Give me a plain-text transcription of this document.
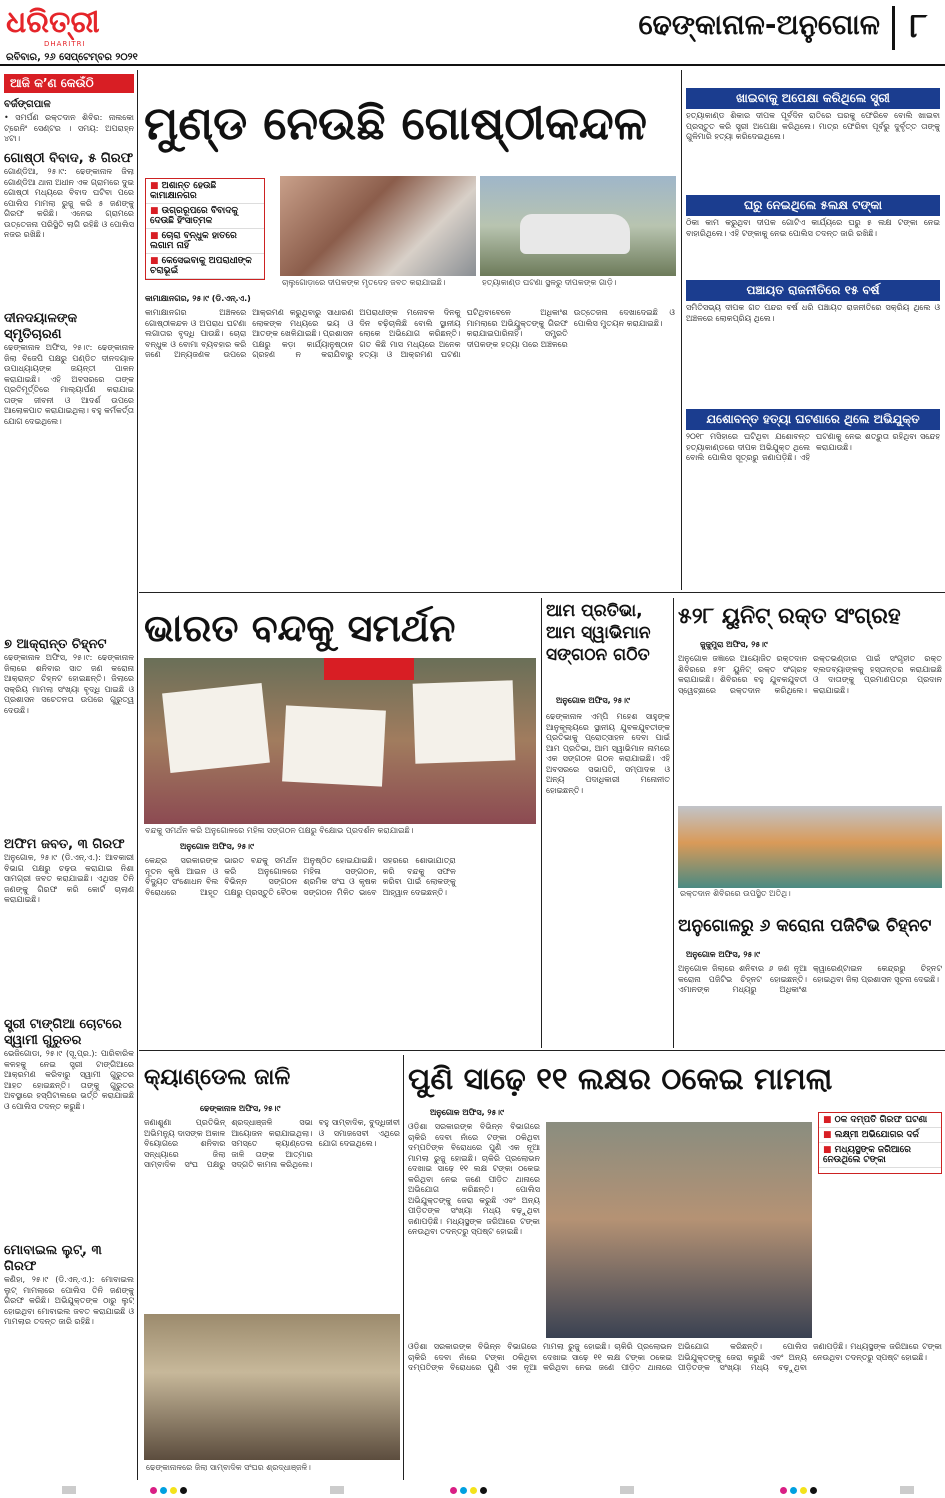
ଧରିତ୍ରୀ
DHARITRI
ରବିବାର, ୨୬ ସେପ୍ଟେମ୍ବର ୨୦୨୧
ଢେଙ୍କାନାଳ-ଅନୁଗୋଳ ୮
ଆଜି କ’ଣ କେଉଁଠି
ବର୍ଜଙ୍ଗପାଳ
• ସମର୍ପଣ ରକ୍ତଦାନ ଶିବିର: ନାଲକୋ ଟ୍ରେନିଂ ସେଣ୍ଟର । ସମୟ: ଅପରାହ୍ନ ୪ଟା।
ଗୋଷ୍ଠୀ ବିବାଦ, ୫ ଗିରଫ
ଗୋଣ୍ଡିଆ, ୨୫।୯: ଢେଙ୍କାନାଳ ଜିଲା ଗୋଣ୍ଡିଆ ଥାନା ଅଧୀନ ଏକ ଗ୍ରାମରେ ଦୁଇ ଗୋଷ୍ଠୀ ମଧ୍ୟରେ ବିବାଦ ଘଟିବା ପରେ ପୋଲିସ ମାମଲା ରୁଜୁ କରି ୫ ଜଣଙ୍କୁ ଗିରଫ କରିଛି। ଏନେଇ ଗ୍ରାମରେ ଉତ୍ତେଜନା ପରିସ୍ଥିତି ଲାଗି ରହିଛି ଓ ପୋଲିସ ନଜର ରଖିଛି।
ଦୀନଦୟାଳଙ୍କ ସ୍ମୃତିଚାରଣ
ଢେଙ୍କାନାଳ ଅଫିସ, ୨୫।୯: ଢେଙ୍କାନାଳ ଜିଲା ବିଜେପି ପକ୍ଷରୁ ପଣ୍ଡିତ ଦୀନଦୟାଳ ଉପାଧ୍ୟାୟଙ୍କ ଜୟନ୍ତୀ ପାଳନ କରାଯାଇଛି। ଏହି ଅବସରରେ ତାଙ୍କ ପ୍ରତିମୂର୍ତ୍ତିରେ ମାଲ୍ୟାର୍ପଣ କରାଯାଇ ତାଙ୍କ ଜୀବନୀ ଓ ଆଦର୍ଶ ଉପରେ ଆଲୋକପାତ କରାଯାଇଥିଲା। ବହୁ କର୍ମକର୍ତ୍ତା ଯୋଗ ଦେଇଥିଲେ।
୭ ଆକ୍ରାନ୍ତ ଚିହ୍ନଟ
ଢେଙ୍କାନାଳ ଅଫିସ, ୨୫।୯: ଢେଙ୍କାନାଳ ଜିଲାରେ ଶନିବାର ସାତ ଜଣ କରୋନା ଆକ୍ରାନ୍ତ ଚିହ୍ନଟ ହୋଇଛନ୍ତି। ଜିଲାରେ ସକ୍ରିୟ ମାମଲା ସଂଖ୍ୟା ବୃଦ୍ଧି ପାଇଛି ଓ ପ୍ରଶାସନ ସଚେତନତା ଉପରେ ଗୁରୁତ୍ୱ ଦେଉଛି।
ଅଫିମ ଜବତ, ୩ ଗିରଫ
ଅନୁଗୋଳ, ୨୫।୯ (ଡି.ଏନ୍.ଏ.): ଆବକାରୀ ବିଭାଗ ପକ୍ଷରୁ ଚଢ଼ଉ କରାଯାଇ ନିଶା ସାମଗ୍ରୀ ଜବତ କରାଯାଇଛି। ଏଥିସହ ତିନି ଜଣଙ୍କୁ ଗିରଫ କରି କୋର୍ଟ ଚାଲାଣ କରାଯାଇଛି।
ସ୍ତ୍ରୀ ଟାଙ୍ଗିଆ ଚୋଟରେ ସ୍ୱାମୀ ଗୁରୁତର
ଭେଜିଗୋଡା, ୨୫।୯ (ସୂ.ପ୍ର.): ପାରିବାରିକ କଳହକୁ ନେଇ ସ୍ତ୍ରୀ ଟାଙ୍ଗିଆରେ ଆକ୍ରମଣ କରିବାରୁ ସ୍ୱାମୀ ଗୁରୁତର ଆହତ ହୋଇଛନ୍ତି। ତାଙ୍କୁ ଗୁରୁତର ଅବସ୍ଥାରେ ହସ୍ପିଟାଲରେ ଭର୍ତ୍ତି କରାଯାଇଛି ଓ ପୋଲିସ ତଦନ୍ତ କରୁଛି।
ମୋବାଇଲ ଲୁଟ୍, ୩ ଗିରଫ
କଣିହା, ୨୫।୯ (ଡି.ଏନ୍.ଏ.): ମୋବାଇଲ ଲୁଟ୍ ମାମଲାରେ ପୋଲିସ ତିନି ଜଣଙ୍କୁ ଗିରଫ କରିଛି। ଅଭିଯୁକ୍ତଙ୍କ ଠାରୁ ଲୁଟ୍ ହୋଇଥିବା ମୋବାଇଲ ଜବତ କରାଯାଇଛି ଓ ମାମଲାର ତଦନ୍ତ ଜାରି ରହିଛି।
ମୁଣ୍ଡ ନେଉଛି ଗୋଷ୍ଠୀକନ୍ଦଳ
■ ଅଶାନ୍ତ ହେଉଛି କାମାକ୍ଷାନଗର
■ ଉଗ୍ରରୂପରେ ବିବାଦକୁ ଦେଉଛି ହିଂସାତ୍ମକ
■ ଚୋରା ବନ୍ଧୁକ ହାତରେ ଲଗାମ ନାହିଁ
■ କେସେଇବାକୁ ଅପରାଧୀଙ୍କ ଚରାଭୂଇଁ
ଚାଲୁଗୋଡ଼ାରେ ଦୀପକଙ୍କ ମୃତଦେହ ଜବତ କରାଯାଇଛି।	ହତ୍ୟାକାଣ୍ଡ ଘଟଣା ସ୍ଥଳରୁ ଦୀପକଙ୍କ ଗାଡ଼ି।
କାମାକ୍ଷାନଗର, ୨୫।୯ (ଡି.ଏନ୍.ଏ.)
କାମାକ୍ଷାନଗର ଅଞ୍ଚଳରେ ଗୋଷ୍ଠୀକନ୍ଦଳ ଓ ଅପରାଧ ଘଟଣା ଲଗାତାର ବୃଦ୍ଧି ପାଉଛି। ଚୋରା ବନ୍ଧୁକ ଓ ବୋମା ବ୍ୟବହାର କରି ଜଣେ ଅନ୍ୟଜଣକ ଉପରେ ଆକ୍ରମଣ କରୁଥିବାରୁ ସାଧାରଣ ଲୋକଙ୍କ ମଧ୍ୟରେ ଭୟ ଓ ଆତଙ୍କ ଖେଳିଯାଇଛି। ପ୍ରଶାସନ ପକ୍ଷରୁ କଡ଼ା କାର୍ଯ୍ୟାନୁଷ୍ଠାନ ଗ୍ରହଣ ନ କରାଯିବାରୁ ଅପରାଧୀଙ୍କ ମନୋବଳ ଦିନକୁ ଦିନ ବଢ଼ିଚାଲିଛି ବୋଲି ସ୍ଥାନୀୟ ଲୋକେ ଅଭିଯୋଗ କରିଛନ୍ତି। ଗତ କିଛି ମାସ ମଧ୍ୟରେ ଅନେକ ହତ୍ୟା ଓ ଆକ୍ରମଣ ଘଟଣା ଘଟିଥିବାବେଳେ ଅଧିକାଂଶ ମାମଲାରେ ଅଭିଯୁକ୍ତଙ୍କୁ ଗିରଫ କରାଯାଇପାରିନାହିଁ। ସମ୍ପ୍ରତି ଦୀପକଙ୍କ ହତ୍ୟା ପରେ ଅଞ୍ଚଳରେ ଉତ୍ତେଜନା ଦେଖାଦେଇଛି ଓ ପୋଲିସ ମୁତୟନ କରାଯାଇଛି।
ଖାଇବାକୁ ଅପେକ୍ଷା କରିଥିଲେ ସ୍ତ୍ରୀ
ହତ୍ୟାକାଣ୍ଡ ଶିକାର ଦୀପକ ପୂର୍ବଦିନ ରାତିରେ ଘରକୁ ଫେରିବେ ବୋଲି ଖାଇବା ପ୍ରସ୍ତୁତ କରି ସ୍ତ୍ରୀ ଅପେକ୍ଷା କରିଥିଲେ। ମାତ୍ର ଫେରିବା ପୂର୍ବରୁ ଦୁର୍ବୃତ୍ତ ତାଙ୍କୁ ଗୁଳିମାରି ହତ୍ୟା କରିଦେଇଥିଲେ।
ଘରୁ ନେଇଥିଲେ ୫ଲକ୍ଷ ଟଙ୍କା
ଠିକା କାମ କରୁଥିବା ଦୀପକ ଗୋଟିଏ କାର୍ଯ୍ୟରେ ଘରୁ ୫ ଲକ୍ଷ ଟଙ୍କା ନେଇ ବାହାରିଥିଲେ। ଏହି ଟଙ୍କାକୁ ନେଇ ପୋଲିସ ତଦନ୍ତ ଜାରି ରଖିଛି।
ପଞ୍ଚାୟତ ରାଜନୀତିରେ ୧୫ ବର୍ଷ
ସମିତିସଭ୍ୟ ଦୀପକ ଗତ ପନ୍ଦର ବର୍ଷ ଧରି ପଞ୍ଚାୟତ ରାଜନୀତିରେ ସକ୍ରିୟ ଥିଲେ ଓ ଅଞ୍ଚଳରେ ଲୋକପ୍ରିୟ ଥିଲେ।
ଯଶୋବନ୍ତ ହତ୍ୟା ଘଟଣାରେ ଥିଲେ ଅଭିଯୁକ୍ତ
୨୦୧୮ ମସିହାରେ ଘଟିଥିବା ଯଶୋବନ୍ତ ହତ୍ୟାକାଣ୍ଡରେ ଦୀପକ ଅଭିଯୁକ୍ତ ଥିଲେ ବୋଲି ପୋଲିସ ସୂତ୍ରରୁ ଜଣାପଡ଼ିଛି। ଏହି ଘଟଣାକୁ ନେଇ ଶତ୍ରୁତା ରହିଥିବା ସନ୍ଦେହ କରାଯାଉଛି।
ଭାରତ ବନ୍ଦକୁ ସମର୍ଥନ
ବନ୍ଦକୁ ସମର୍ଥନ କରି ଅନୁଗୋଳରେ ମହିଳା ସଙ୍ଗଠନ ପକ୍ଷରୁ ବିକ୍ଷୋଭ ପ୍ରଦର୍ଶନ କରାଯାଇଛି।
ଅନୁଗୋଳ ଅଫିସ, ୨୫।୯
କେନ୍ଦ୍ର ସରକାରଙ୍କ ନୂତନ କୃଷି ଆଇନ ଓ ବିଦ୍ୟୁତ ସଂଶୋଧନ ବିଲ ବିରୋଧରେ ଆହୂତ ଭାରତ ବନ୍ଦକୁ ସମର୍ଥନ କରି ଅନୁଗୋଳରେ ବିଭିନ୍ନ ସଙ୍ଗଠନ ପକ୍ଷରୁ ପ୍ରସ୍ତୁତି ବୈଠକ ଅନୁଷ୍ଠିତ ହୋଇଯାଇଛି। ମହିଳା ସଙ୍ଗଠନ, ଶ୍ରମିକ ସଂଘ ଓ କୃଷକ ସଙ୍ଗଠନ ମିଳିତ ଭାବେ ସହରରେ ଶୋଭାଯାତ୍ରା କରି ବନ୍ଦକୁ ସଫଳ କରିବା ପାଇଁ ଲୋକଙ୍କୁ ଆହ୍ୱାନ ଦେଇଛନ୍ତି।
ଆମ ପ୍ରତିଭା, ଆମ ସ୍ୱାଭିମାନ ସଙ୍ଗଠନ ଗଠିତ
ଅନୁଗୋଳ ଅଫିସ, ୨୫।୯
ଢେଙ୍କାନାଳ ଏମ୍‌ପି ମହେଶ ସାହୁଙ୍କ ଆନୁକୂଲ୍ୟରେ ସ୍ଥାନୀୟ ଯୁବକଯୁବତୀଙ୍କ ପ୍ରତିଭାକୁ ପ୍ରୋତ୍ସାହନ ଦେବା ପାଇଁ ଆମ ପ୍ରତିଭା, ଆମ ସ୍ୱାଭିମାନ ନାମରେ ଏକ ସଙ୍ଗଠନ ଗଠନ କରାଯାଇଛି। ଏହି ଅବସରରେ ସଭାପତି, ସମ୍ପାଦକ ଓ ଅନ୍ୟ ପଦାଧିକାରୀ ମନୋନୀତ ହୋଇଛନ୍ତି।
୫୨୮ ୟୁନିଟ୍ ରକ୍ତ ସଂଗ୍ରହ
ଜୁଜୁମୁରା ଅଫିସ, ୨୫।୯
ଅନୁଗୋଳ ଜଜ୍ଞାରେ ଆୟୋଜିତ ରକ୍ତଦାନ ଶିବିରରେ ୫୨୮ ୟୁନିଟ୍ ରକ୍ତ ସଂଗ୍ରହ କରାଯାଇଛି। ଶିବିରରେ ବହୁ ଯୁବକଯୁବତୀ ସ୍ୱେଚ୍ଛାରେ ରକ୍ତଦାନ କରିଥିଲେ। ରକ୍ତଭଣ୍ଡାର ପାଇଁ ସଂଗୃହୀତ ରକ୍ତ ବ୍ଲଡବ୍ୟାଙ୍କକୁ ହସ୍ତାନ୍ତର କରାଯାଇଛି ଓ ଦାତାଙ୍କୁ ପ୍ରମାଣପତ୍ର ପ୍ରଦାନ କରାଯାଇଛି।
ରକ୍ତଦାନ ଶିବିରରେ ଉପସ୍ଥିତ ଅତିଥି।
ଅନୁଗୋଳରୁ ୬ କରୋନା ପଜିଟିଭ ଚିହ୍ନଟ
ଅନୁଗୋଳ ଅଫିସ, ୨୫।୯
ଅନୁଗୋଳ ଜିଲାରେ ଶନିବାର ୬ ଜଣ ନୂଆ କରୋନା ପଜିଟିଭ ଚିହ୍ନଟ ହୋଇଛନ୍ତି। ଏମାନଙ୍କ ମଧ୍ୟରୁ ଅଧିକାଂଶ କ୍ୱାରେଣ୍ଟାଇନ କେନ୍ଦ୍ରରୁ ଚିହ୍ନଟ ହୋଇଥିବା ଜିଲା ପ୍ରଶାସନ ସୂଚନା ଦେଇଛି।
କ୍ୟାଣ୍ଡେଲ ଜାଳି
ଢେଙ୍କାନାଳ ଅଫିସ, ୨୫।୯
ଜଣାଶୁଣା ପ୍ରତିଭିନ୍ ଅଭିମନ୍ୟୁ ଦାସଙ୍କ ଅକାଳ ବିୟୋଗରେ ଶନିବାର ସନ୍ଧ୍ୟାରେ ଜିଲା ସାମ୍ବାଦିକ ସଂଘ ପକ୍ଷରୁ ଶ୍ରଦ୍ଧାଞ୍ଜଳି ସଭା ଆୟୋଜନ କରାଯାଇଥିଲା। ସମସ୍ତେ କ୍ୟାଣ୍ଡେଲ ଜାଳି ତାଙ୍କ ଆତ୍ମାର ସଦ୍‌ଗତି କାମନା କରିଥିଲେ। ବହୁ ସାମ୍ବାଦିକ, ବୁଦ୍ଧିଜୀବୀ ଓ ସମାଜସେବୀ ଏଥିରେ ଯୋଗ ଦେଇଥିଲେ।
ଢେଙ୍କାନାଳରେ ଜିଲା ସାମ୍ବାଦିକ ସଂଘର ଶ୍ରଦ୍ଧାଞ୍ଜଳି।
ପୁଣି ସାଢ଼େ ୧୧ ଲକ୍ଷର ଠକେଇ ମାମଲା
ଅନୁଗୋଳ ଅଫିସ, ୨୫।୯
ଓଡ଼ିଶା ସରକାରଙ୍କ ବିଭିନ୍ନ ବିଭାଗରେ ଚାକିରି ଦେବା ନାଁରେ ଟଙ୍କା ଠକିଥିବା ଦମ୍ପତିଙ୍କ ବିରୋଧରେ ପୁଣି ଏକ ନୂଆ ମାମଲା ରୁଜୁ ହୋଇଛି। ଚାକିରି ପ୍ରଲୋଭନ ଦେଖାଇ ସାଢ଼େ ୧୧ ଲକ୍ଷ ଟଙ୍କା ଠକେଇ କରିଥିବା ନେଇ ଜଣେ ପୀଡ଼ିତ ଥାନାରେ ଅଭିଯୋଗ କରିଛନ୍ତି। ପୋଲିସ ଅଭିଯୁକ୍ତଙ୍କୁ ଜେରା କରୁଛି ଏବଂ ଅନ୍ୟ ପୀଡ଼ିତଙ୍କ ସଂଖ୍ୟା ମଧ୍ୟ ବଢ଼ୁଥିବା ଜଣାପଡ଼ିଛି। ମଧ୍ୟସ୍ଥଙ୍କ ଜରିଆରେ ଟଙ୍କା ନେଉଥିବା ତଦନ୍ତରୁ ସ୍ପଷ୍ଟ ହୋଇଛି।
■ ଠକ ଦମ୍ପତି ଗିରଫ ଘଟଣା
■ ଲକ୍ଷ୍ମୀ ଅଭିଯୋଗର ଦର୍ଜ
■ ମଧ୍ୟସ୍ଥଙ୍କ ଜରିଆରେ ନେଉଥିଲେ ଟଙ୍କା
ଓଡ଼ିଶା ସରକାରଙ୍କ ବିଭିନ୍ନ ବିଭାଗରେ ଚାକିରି ଦେବା ନାଁରେ ଟଙ୍କା ଠକିଥିବା ଦମ୍ପତିଙ୍କ ବିରୋଧରେ ପୁଣି ଏକ ନୂଆ ମାମଲା ରୁଜୁ ହୋଇଛି। ଚାକିରି ପ୍ରଲୋଭନ ଦେଖାଇ ସାଢ଼େ ୧୧ ଲକ୍ଷ ଟଙ୍କା ଠକେଇ କରିଥିବା ନେଇ ଜଣେ ପୀଡ଼ିତ ଥାନାରେ ଅଭିଯୋଗ କରିଛନ୍ତି। ପୋଲିସ ଅଭିଯୁକ୍ତଙ୍କୁ ଜେରା କରୁଛି ଏବଂ ଅନ୍ୟ ପୀଡ଼ିତଙ୍କ ସଂଖ୍ୟା ମଧ୍ୟ ବଢ଼ୁଥିବା ଜଣାପଡ଼ିଛି। ମଧ୍ୟସ୍ଥଙ୍କ ଜରିଆରେ ଟଙ୍କା ନେଉଥିବା ତଦନ୍ତରୁ ସ୍ପଷ୍ଟ ହୋଇଛି।
